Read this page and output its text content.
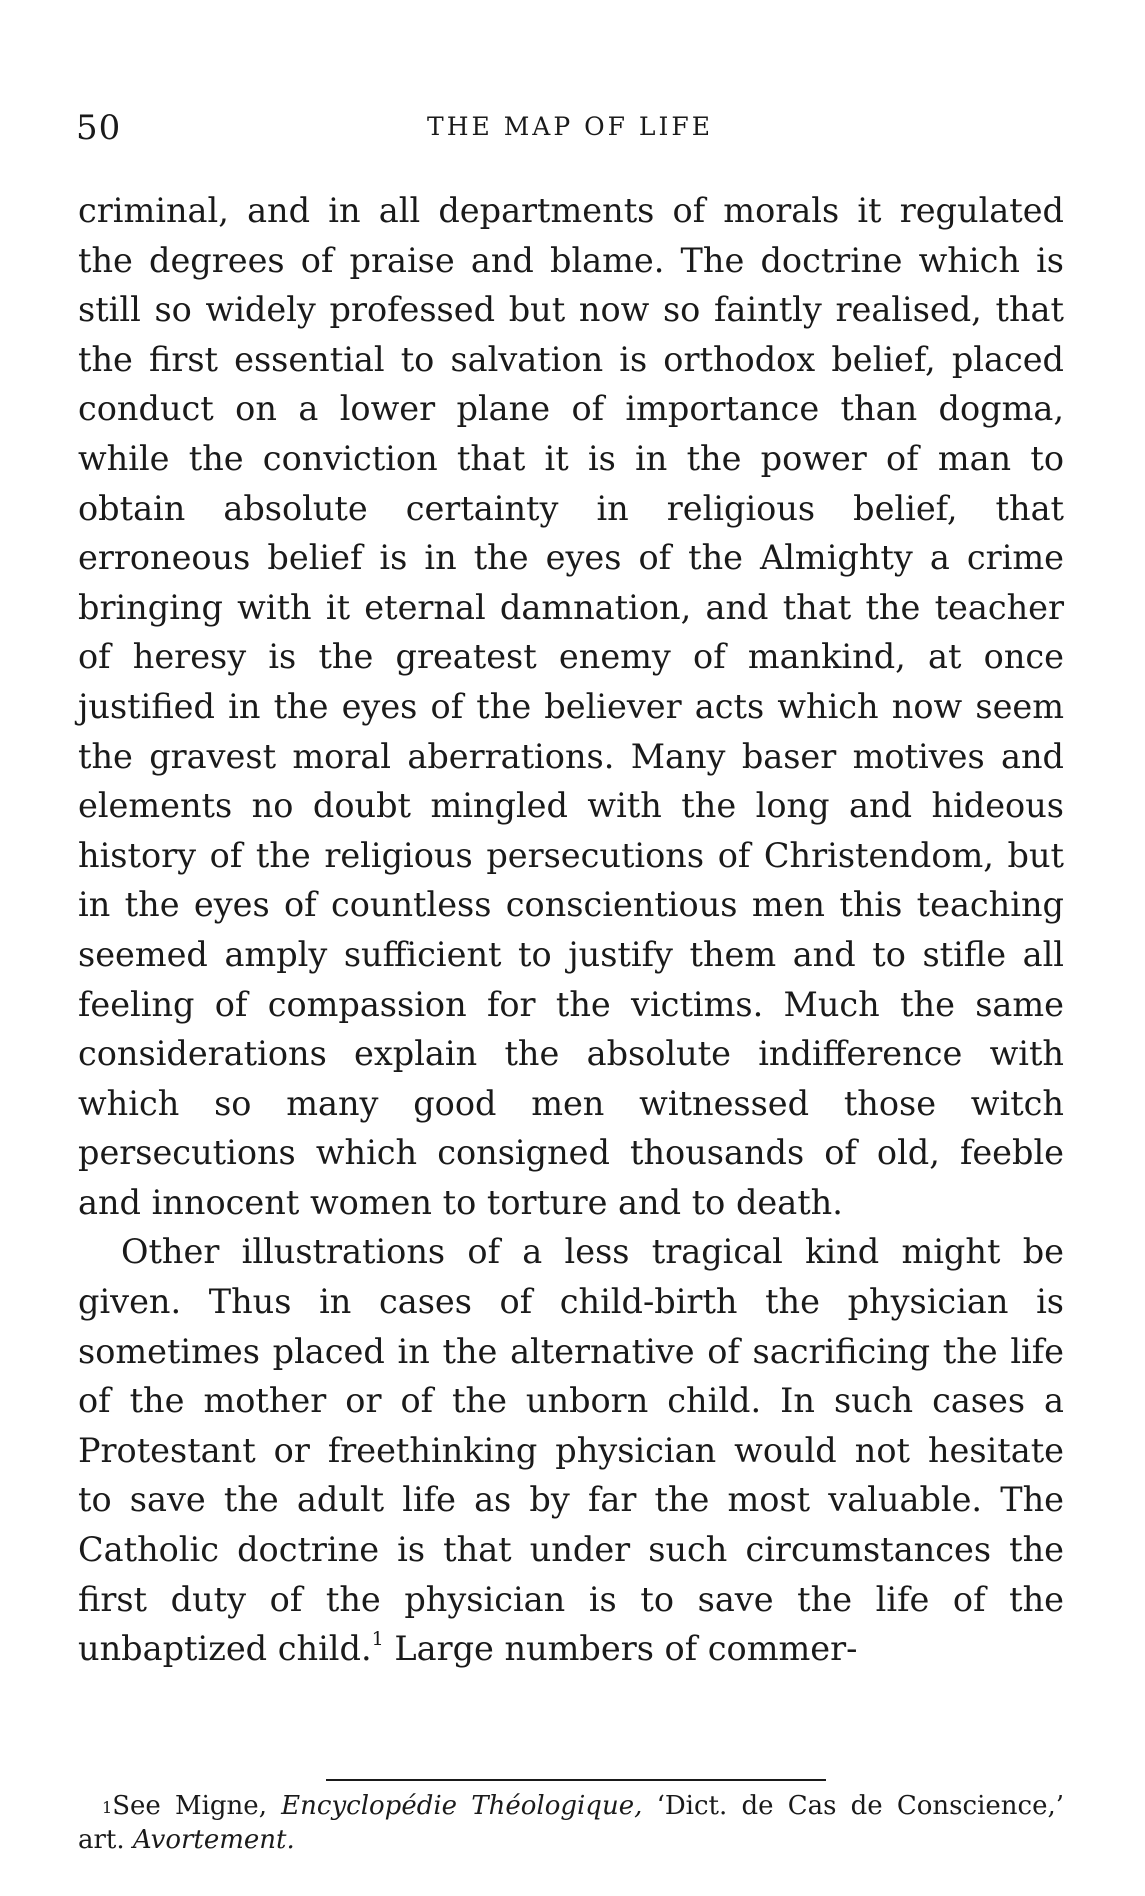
50	THE MAP OF LIFE

criminal, and in all departments of morals it regulated the degrees of praise and blame. The doctrine which is still so widely professed but now so faintly realised, that the first essential to salvation is orthodox belief, placed conduct on a lower plane of importance than dogma, while the conviction that it is in the power of man to obtain absolute certainty in religious belief, that erroneous belief is in the eyes of the Almighty a crime bringing with it eternal damnation, and that the teacher of heresy is the greatest enemy of mankind, at once justified in the eyes of the believer acts which now seem the gravest moral aberrations. Many baser motives and elements no doubt mingled with the long and hideous history of the religious persecutions of Christendom, but in the eyes of countless conscientious men this teaching seemed amply sufficient to justify them and to stifle all feeling of compassion for the victims. Much the same considerations explain the absolute indifference with which so many good men witnessed those witch persecutions which consigned thousands of old, feeble and innocent women to torture and to death.

Other illustrations of a less tragical kind might be given. Thus in cases of child-birth the physician is sometimes placed in the alternative of sacrificing the life of the mother or of the unborn child. In such cases a Protestant or freethinking physician would not hesitate to save the adult life as by far the most valuable. The Catholic doctrine is that under such circumstances the first duty of the physician is to save the life of the unbaptized child.$^1$ Large numbers of commer-

$^1$See Migne, Encyclopédie Théologique, ‘Dict. de Cas de Conscience,’ art. Avortement.
